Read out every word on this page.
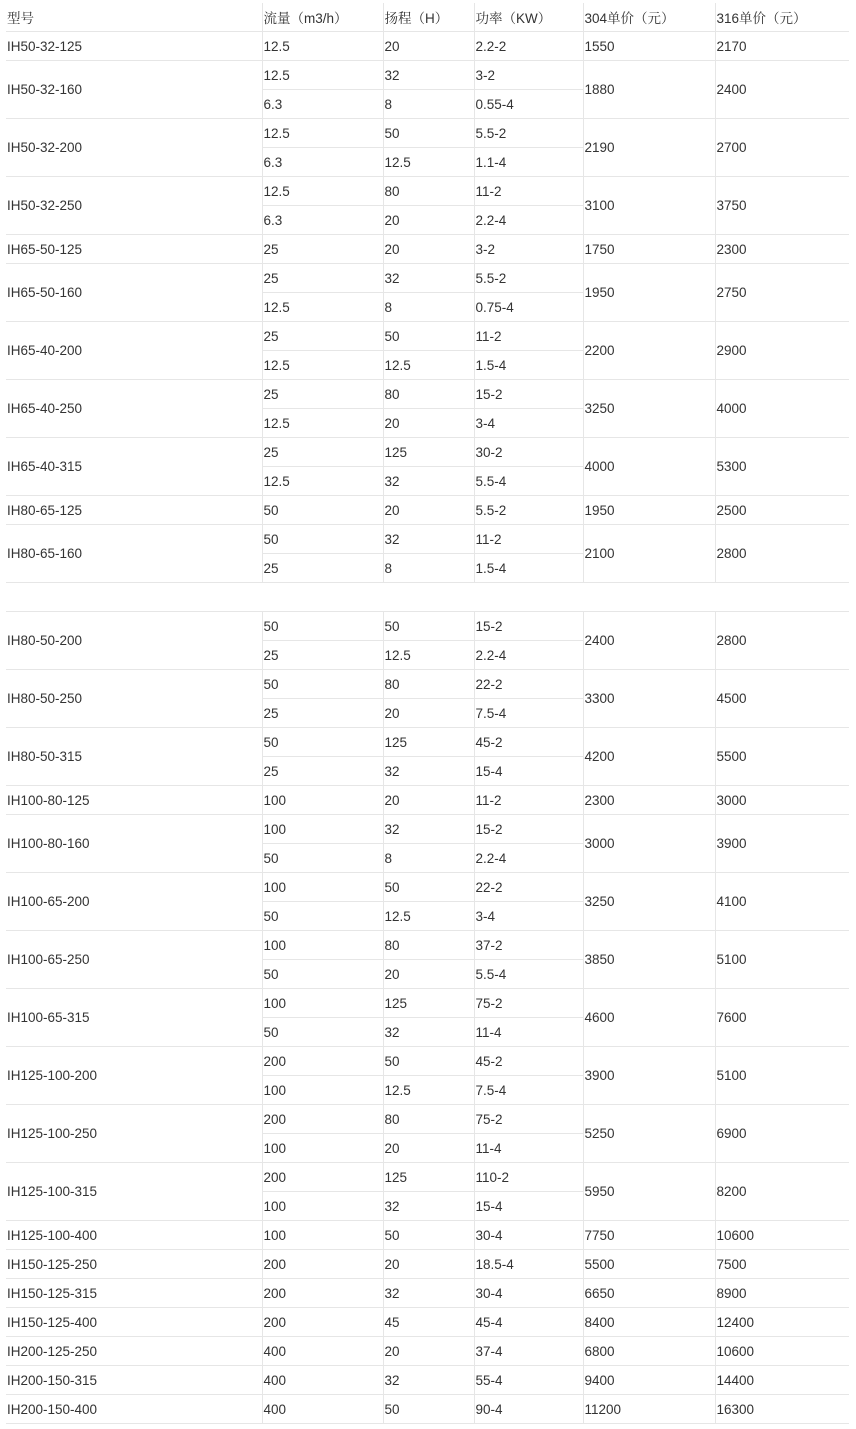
型号	流量（m3/h）	扬程（H）	功率（KW）	304单价（元）	316单价（元）
IH50-32-125	12.5	20	2.2-2	1550	2170
IH50-32-160	12.5	32	3-2	1880	2400
	6.3	8	0.55-4		
IH50-32-200	12.5	50	5.5-2	2190	2700
	6.3	12.5	1.1-4		
IH50-32-250	12.5	80	11-2	3100	3750
	6.3	20	2.2-4		
IH65-50-125	25	20	3-2	1750	2300
IH65-50-160	25	32	5.5-2	1950	2750
	12.5	8	0.75-4		
IH65-40-200	25	50	11-2	2200	2900
	12.5	12.5	1.5-4		
IH65-40-250	25	80	15-2	3250	4000
	12.5	20	3-4		
IH65-40-315	25	125	30-2	4000	5300
	12.5	32	5.5-4		
IH80-65-125	50	20	5.5-2	1950	2500
IH80-65-160	50	32	11-2	2100	2800
	25	8	1.5-4		

IH80-50-200	50	50	15-2	2400	2800
	25	12.5	2.2-4		
IH80-50-250	50	80	22-2	3300	4500
	25	20	7.5-4		
IH80-50-315	50	125	45-2	4200	5500
	25	32	15-4		
IH100-80-125	100	20	11-2	2300	3000
IH100-80-160	100	32	15-2	3000	3900
	50	8	2.2-4		
IH100-65-200	100	50	22-2	3250	4100
	50	12.5	3-4		
IH100-65-250	100	80	37-2	3850	5100
	50	20	5.5-4		
IH100-65-315	100	125	75-2	4600	7600
	50	32	11-4		
IH125-100-200	200	50	45-2	3900	5100
	100	12.5	7.5-4		
IH125-100-250	200	80	75-2	5250	6900
	100	20	11-4		
IH125-100-315	200	125	110-2	5950	8200
	100	32	15-4		
IH125-100-400	100	50	30-4	7750	10600
IH150-125-250	200	20	18.5-4	5500	7500
IH150-125-315	200	32	30-4	6650	8900
IH150-125-400	200	45	45-4	8400	12400
IH200-125-250	400	20	37-4	6800	10600
IH200-150-315	400	32	55-4	9400	14400
IH200-150-400	400	50	90-4	11200	16300
